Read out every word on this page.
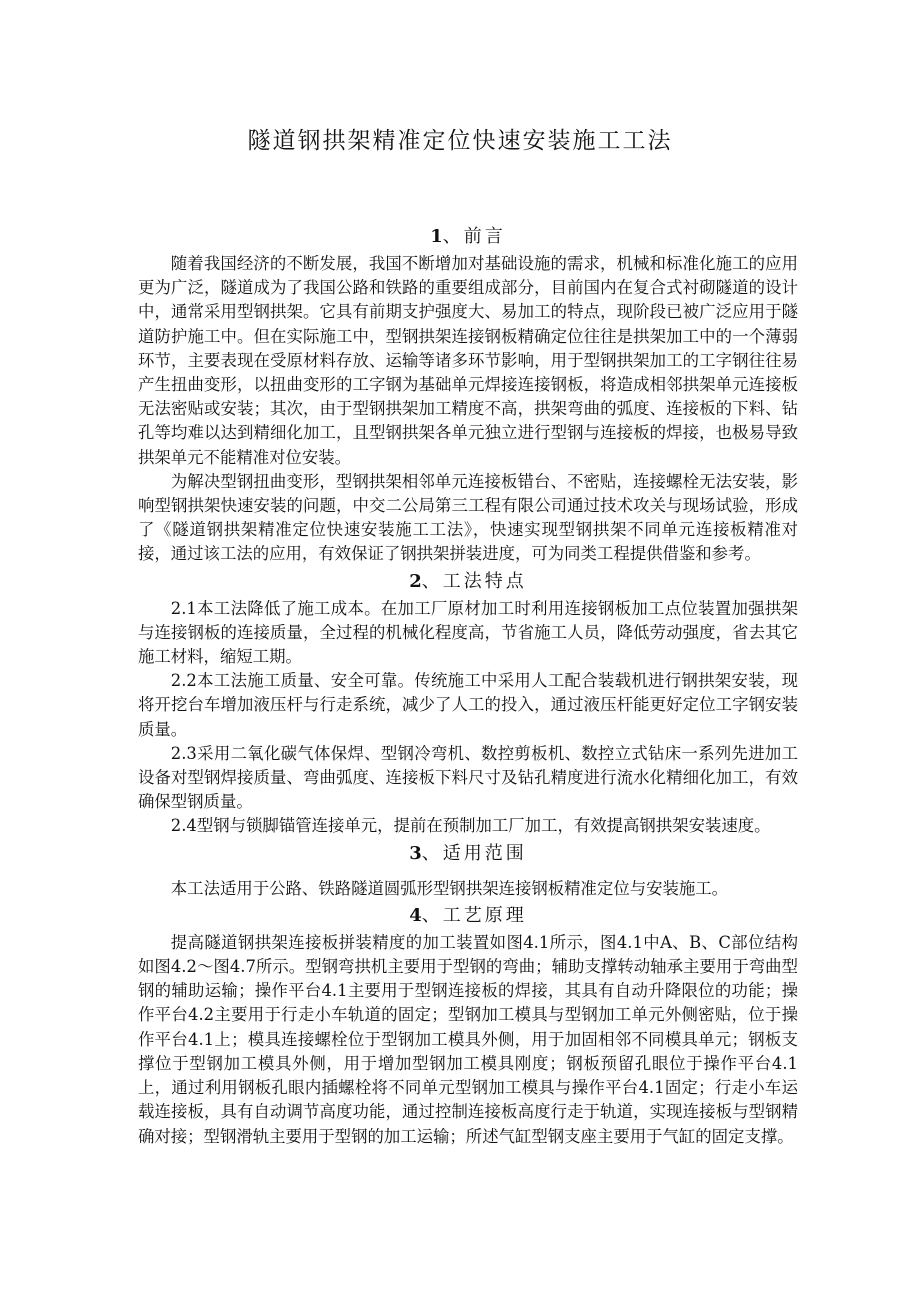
隧道钢拱架精准定位快速安装施工工法
1、前言

随着我国经济的不断发展，我国不断增加对基础设施的需求，机械和标准化施工的应用更为广泛，隧道成为了我国公路和铁路的重要组成部分，目前国内在复合式衬砌隧道的设计中，通常采用型钢拱架。它具有前期支护强度大、易加工的特点，现阶段已被广泛应用于隧道防护施工中。但在实际施工中，型钢拱架连接钢板精确定位往往是拱架加工中的一个薄弱环节，主要表现在受原材料存放、运输等诸多环节影响，用于型钢拱架加工的工字钢往往易产生扭曲变形，以扭曲变形的工字钢为基础单元焊接连接钢板，将造成相邻拱架单元连接板无法密贴或安装；其次，由于型钢拱架加工精度不高，拱架弯曲的弧度、连接板的下料、钻孔等均难以达到精细化加工，且型钢拱架各单元独立进行型钢与连接板的焊接，也极易导致拱架单元不能精准对位安装。

为解决型钢扭曲变形，型钢拱架相邻单元连接板错台、不密贴，连接螺栓无法安装，影响型钢拱架快速安装的问题，中交二公局第三工程有限公司通过技术攻关与现场试验，形成了《隧道钢拱架精准定位快速安装施工工法》，快速实现型钢拱架不同单元连接板精准对接，通过该工法的应用，有效保证了钢拱架拼装进度，可为同类工程提供借鉴和参考。

2、工法特点

2.1本工法降低了施工成本。在加工厂原材加工时利用连接钢板加工点位装置加强拱架与连接钢板的连接质量，全过程的机械化程度高，节省施工人员，降低劳动强度，省去其它施工材料，缩短工期。

2.2本工法施工质量、安全可靠。传统施工中采用人工配合装载机进行钢拱架安装，现将开挖台车增加液压杆与行走系统，减少了人工的投入，通过液压杆能更好定位工字钢安装质量。

2.3采用二氧化碳气体保焊、型钢冷弯机、数控剪板机、数控立式钻床一系列先进加工设备对型钢焊接质量、弯曲弧度、连接板下料尺寸及钻孔精度进行流水化精细化加工，有效确保型钢质量。

2.4型钢与锁脚锚管连接单元，提前在预制加工厂加工，有效提高钢拱架安装速度。

3、适用范围

本工法适用于公路、铁路隧道圆弧形型钢拱架连接钢板精准定位与安装施工。

4、工艺原理

提高隧道钢拱架连接板拼装精度的加工装置如图4.1所示，图4.1中A、B、C部位结构如图4.2～图4.7所示。型钢弯拱机主要用于型钢的弯曲；辅助支撑转动轴承主要用于弯曲型钢的辅助运输；操作平台4.1主要用于型钢连接板的焊接，其具有自动升降限位的功能；操作平台4.2主要用于行走小车轨道的固定；型钢加工模具与型钢加工单元外侧密贴，位于操作平台4.1上；模具连接螺栓位于型钢加工模具外侧，用于加固相邻不同模具单元；钢板支撑位于型钢加工模具外侧，用于增加型钢加工模具刚度；钢板预留孔眼位于操作平台4.1上，通过利用钢板孔眼内插螺栓将不同单元型钢加工模具与操作平台4.1固定；行走小车运载连接板，具有自动调节高度功能，通过控制连接板高度行走于轨道，实现连接板与型钢精确对接；型钢滑轨主要用于型钢的加工运输；所述气缸型钢支座主要用于气缸的固定支撑。
